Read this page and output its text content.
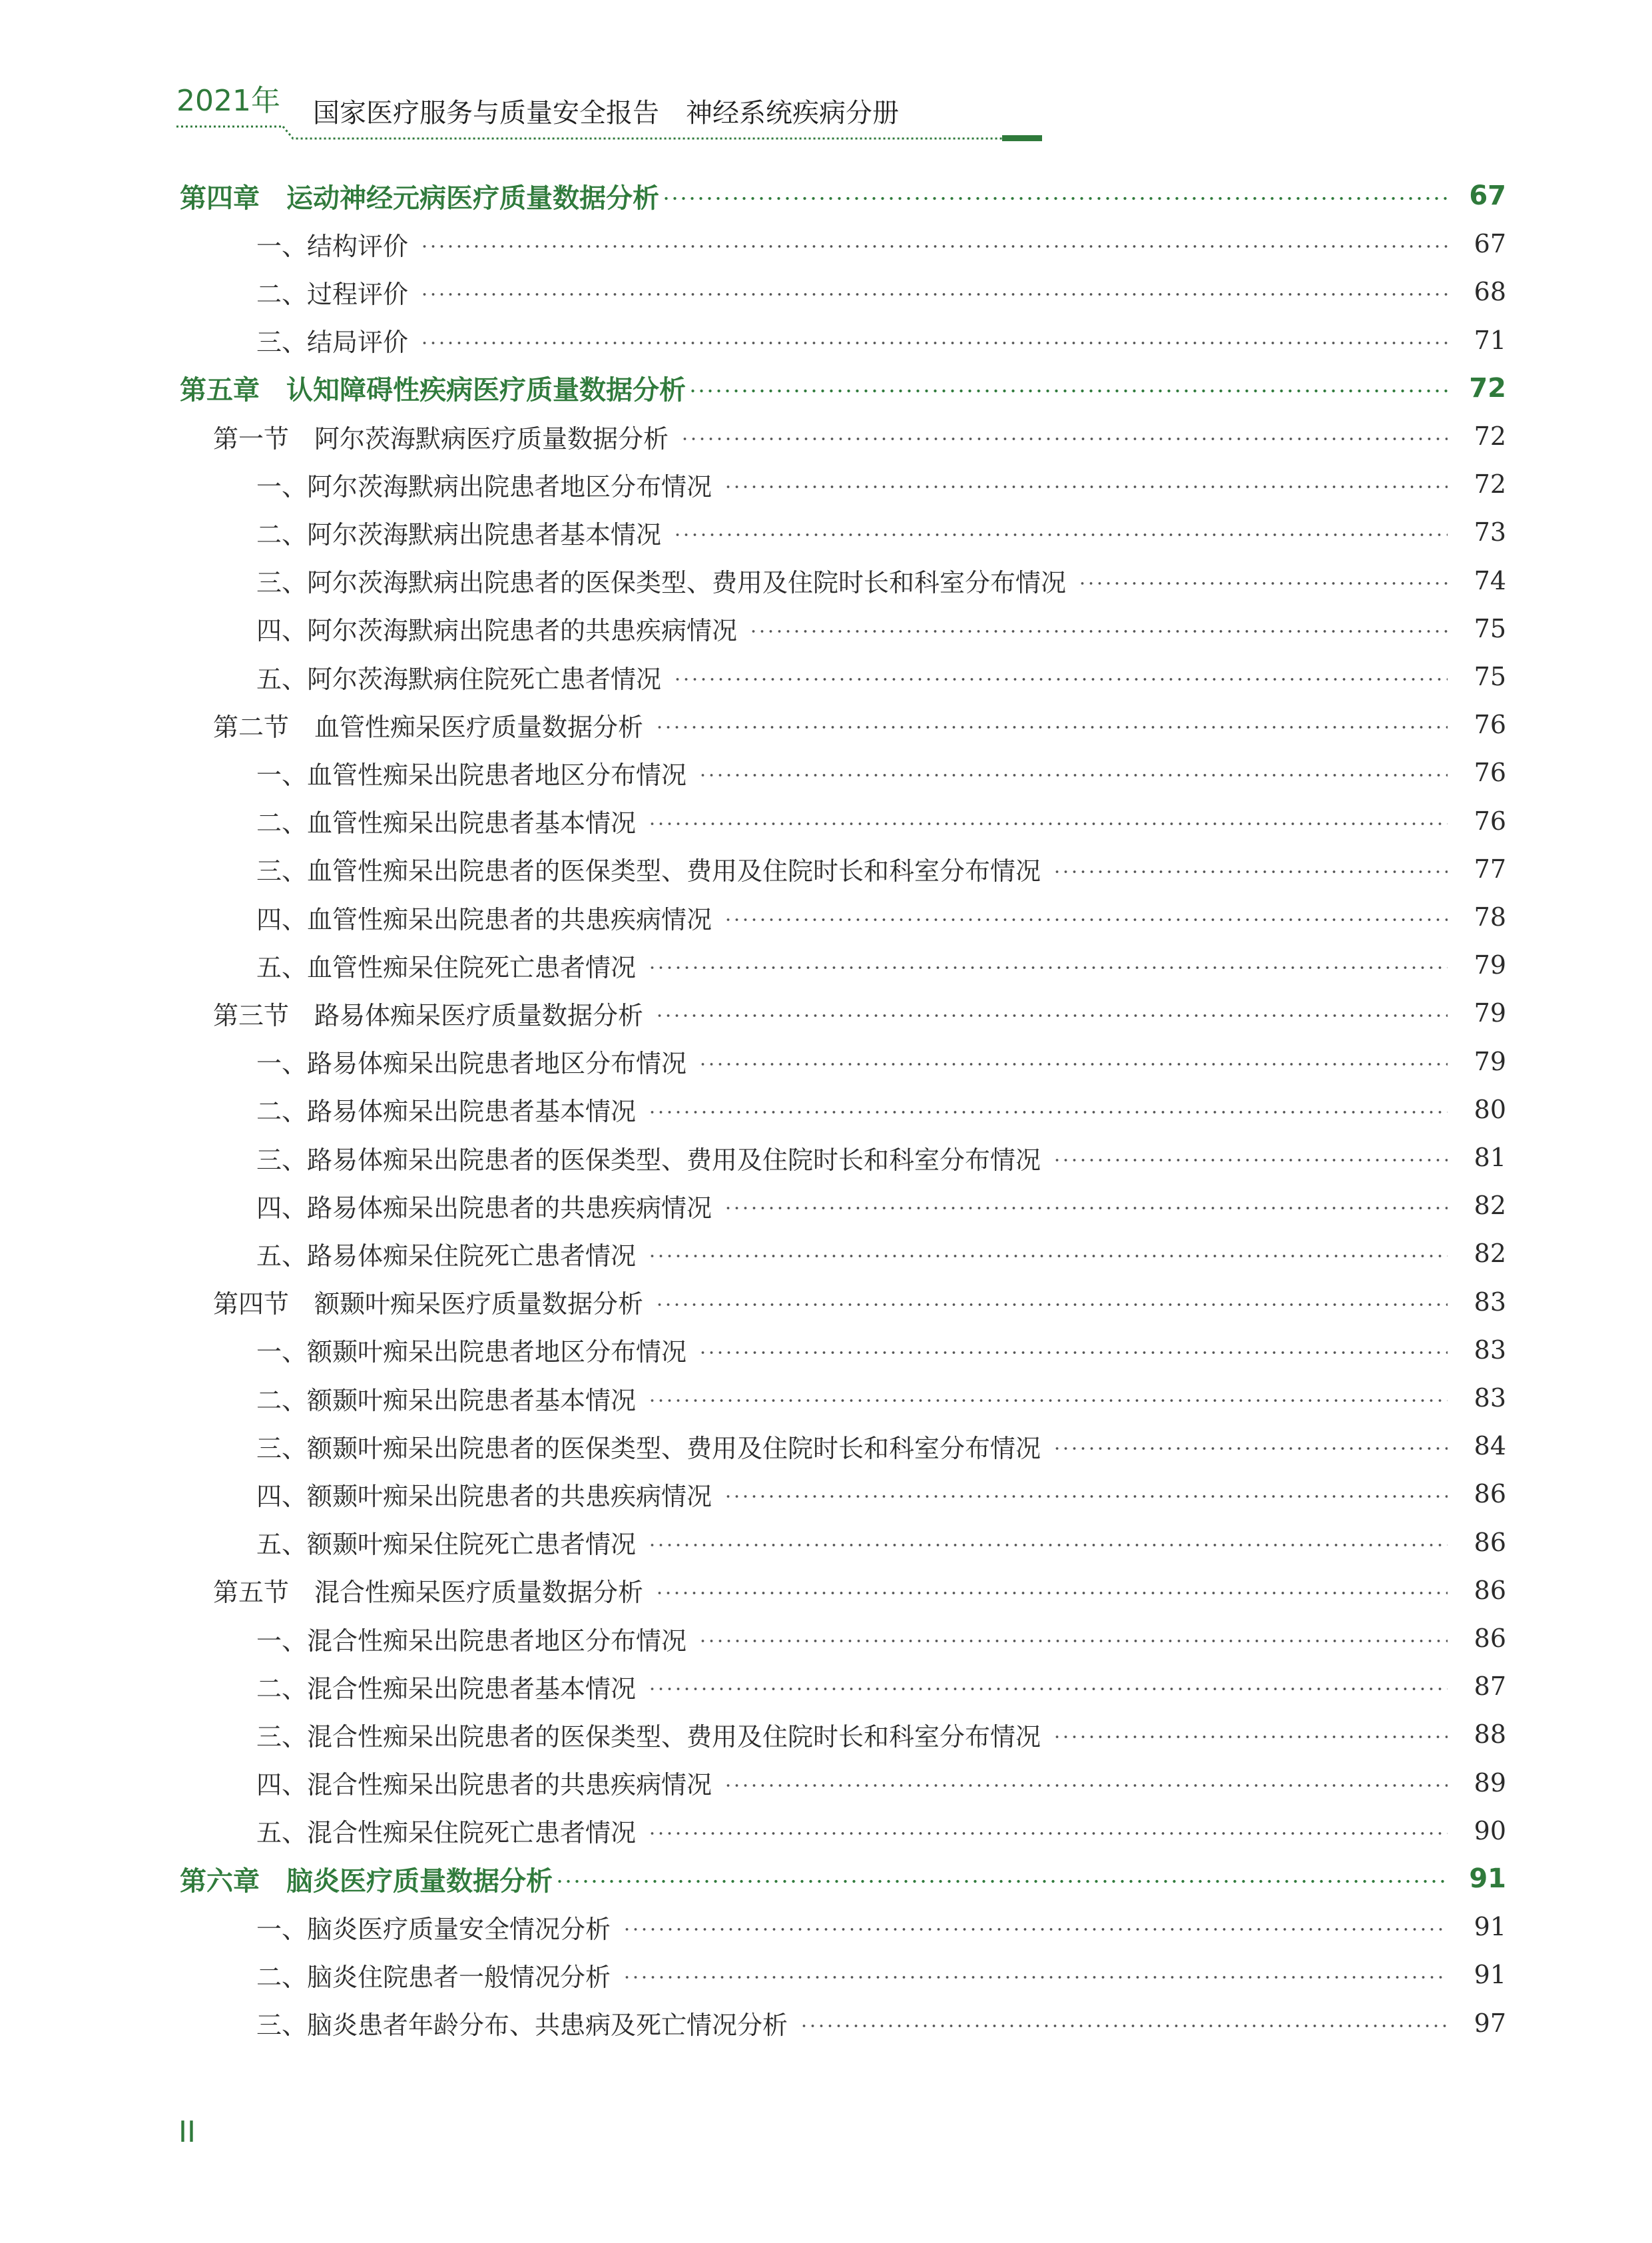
2021年 国家医疗服务与质量安全报告　神经系统疾病分册
第四章　运动神经元病医疗质量数据分析	67
一、结构评价	67
二、过程评价	68
三、结局评价	71
第五章　认知障碍性疾病医疗质量数据分析	72
第一节　阿尔茨海默病医疗质量数据分析	72
一、阿尔茨海默病出院患者地区分布情况	72
二、阿尔茨海默病出院患者基本情况	73
三、阿尔茨海默病出院患者的医保类型、费用及住院时长和科室分布情况	74
四、阿尔茨海默病出院患者的共患疾病情况	75
五、阿尔茨海默病住院死亡患者情况	75
第二节　血管性痴呆医疗质量数据分析	76
一、血管性痴呆出院患者地区分布情况	76
二、血管性痴呆出院患者基本情况	76
三、血管性痴呆出院患者的医保类型、费用及住院时长和科室分布情况	77
四、血管性痴呆出院患者的共患疾病情况	78
五、血管性痴呆住院死亡患者情况	79
第三节　路易体痴呆医疗质量数据分析	79
一、路易体痴呆出院患者地区分布情况	79
二、路易体痴呆出院患者基本情况	80
三、路易体痴呆出院患者的医保类型、费用及住院时长和科室分布情况	81
四、路易体痴呆出院患者的共患疾病情况	82
五、路易体痴呆住院死亡患者情况	82
第四节　额颞叶痴呆医疗质量数据分析	83
一、额颞叶痴呆出院患者地区分布情况	83
二、额颞叶痴呆出院患者基本情况	83
三、额颞叶痴呆出院患者的医保类型、费用及住院时长和科室分布情况	84
四、额颞叶痴呆出院患者的共患疾病情况	86
五、额颞叶痴呆住院死亡患者情况	86
第五节　混合性痴呆医疗质量数据分析	86
一、混合性痴呆出院患者地区分布情况	86
二、混合性痴呆出院患者基本情况	87
三、混合性痴呆出院患者的医保类型、费用及住院时长和科室分布情况	88
四、混合性痴呆出院患者的共患疾病情况	89
五、混合性痴呆住院死亡患者情况	90
第六章　脑炎医疗质量数据分析	91
一、脑炎医疗质量安全情况分析	91
二、脑炎住院患者一般情况分析	91
三、脑炎患者年龄分布、共患病及死亡情况分析	97
II
